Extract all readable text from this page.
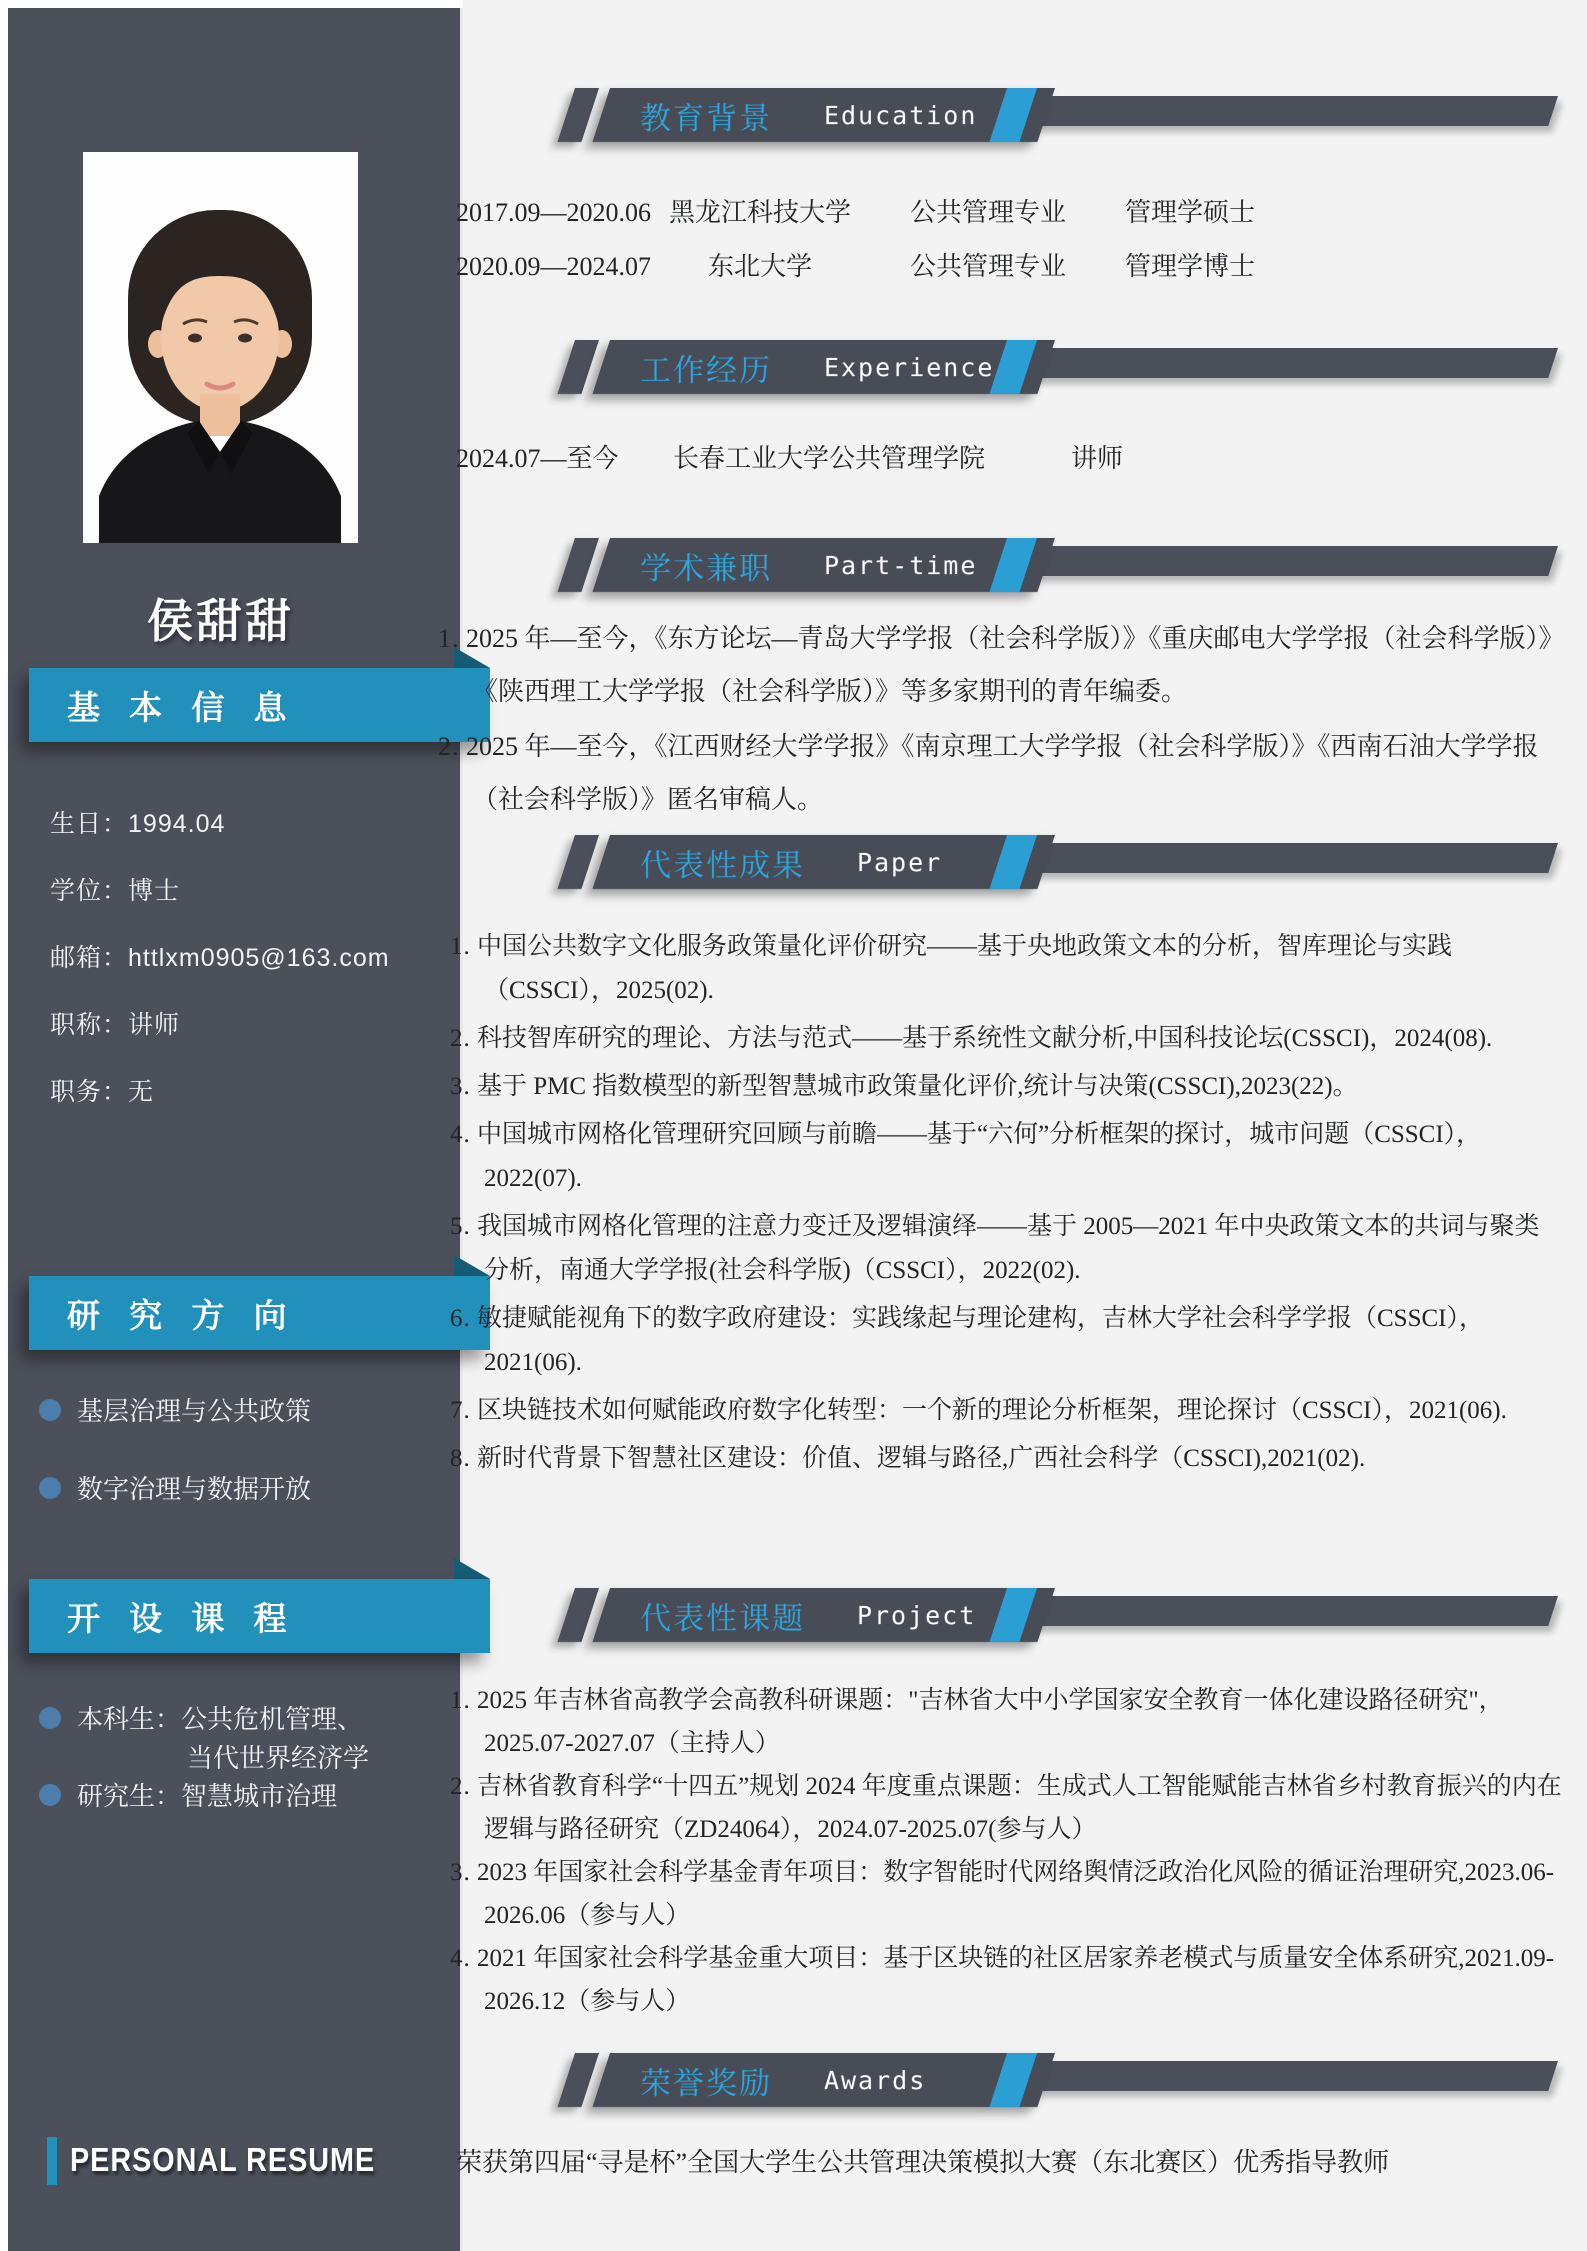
侯甜甜
基 本 信 息
生日：1994.04
学位：博士
邮箱：httlxm0905@163.com
职称：讲师
职务：无
研 究 方 向
基层治理与公共政策
数字治理与数据开放
开 设 课 程
本科生：公共危机管理、
当代世界经济学
研究生：智慧城市治理
PERSONAL RESUME
教育背景 Education
工作经历 Experience
学术兼职 Part-time
代表性成果 Paper
代表性课题 Project
荣誉奖励 Awards
2017.09—2020.06 黑龙江科技大学	公共管理专业	管理学硕士
2020.09—2024.07	东北大学	公共管理专业	管理学博士
2024.07—至今 长春工业大学公共管理学院	讲师
1. 2025 年—至今，《东方论坛—青岛大学学报（社会科学版）》《重庆邮电大学学报（社会科学版）》《陕西理工大学学报（社会科学版）》等多家期刊的青年编委。
2. 2025 年—至今，《江西财经大学学报》《南京理工大学学报（社会科学版）》《西南石油大学学报（社会科学版）》匿名审稿人。
1. 中国公共数字文化服务政策量化评价研究——基于央地政策文本的分析，智库理论与实践（CSSCI），2025(02).
2. 科技智库研究的理论、方法与范式——基于系统性文献分析,中国科技论坛(CSSCI)，2024(08).
3. 基于 PMC 指数模型的新型智慧城市政策量化评价,统计与决策(CSSCI),2023(22)。
4. 中国城市网格化管理研究回顾与前瞻——基于“六何”分析框架的探讨，城市问题（CSSCI），2022(07).
5. 我国城市网格化管理的注意力变迁及逻辑演绎——基于 2005—2021 年中央政策文本的共词与聚类分析，南通大学学报(社会科学版)（CSSCI），2022(02).
6. 敏捷赋能视角下的数字政府建设：实践缘起与理论建构，吉林大学社会科学学报（CSSCI），2021(06).
7. 区块链技术如何赋能政府数字化转型：一个新的理论分析框架，理论探讨（CSSCI），2021(06).
8. 新时代背景下智慧社区建设：价值、逻辑与路径,广西社会科学（CSSCI),2021(02).
1. 2025 年吉林省高教学会高教科研课题："吉林省大中小学国家安全教育一体化建设路径研究"，2025.07-2027.07（主持人）
2. 吉林省教育科学“十四五”规划 2024 年度重点课题：生成式人工智能赋能吉林省乡村教育振兴的内在逻辑与路径研究（ZD24064），2024.07-2025.07(参与人）
3. 2023 年国家社会科学基金青年项目：数字智能时代网络舆情泛政治化风险的循证治理研究,2023.06-2026.06（参与人）
4. 2021 年国家社会科学基金重大项目：基于区块链的社区居家养老模式与质量安全体系研究,2021.09-2026.12（参与人）
荣获第四届“寻是杯”全国大学生公共管理决策模拟大赛（东北赛区）优秀指导教师
